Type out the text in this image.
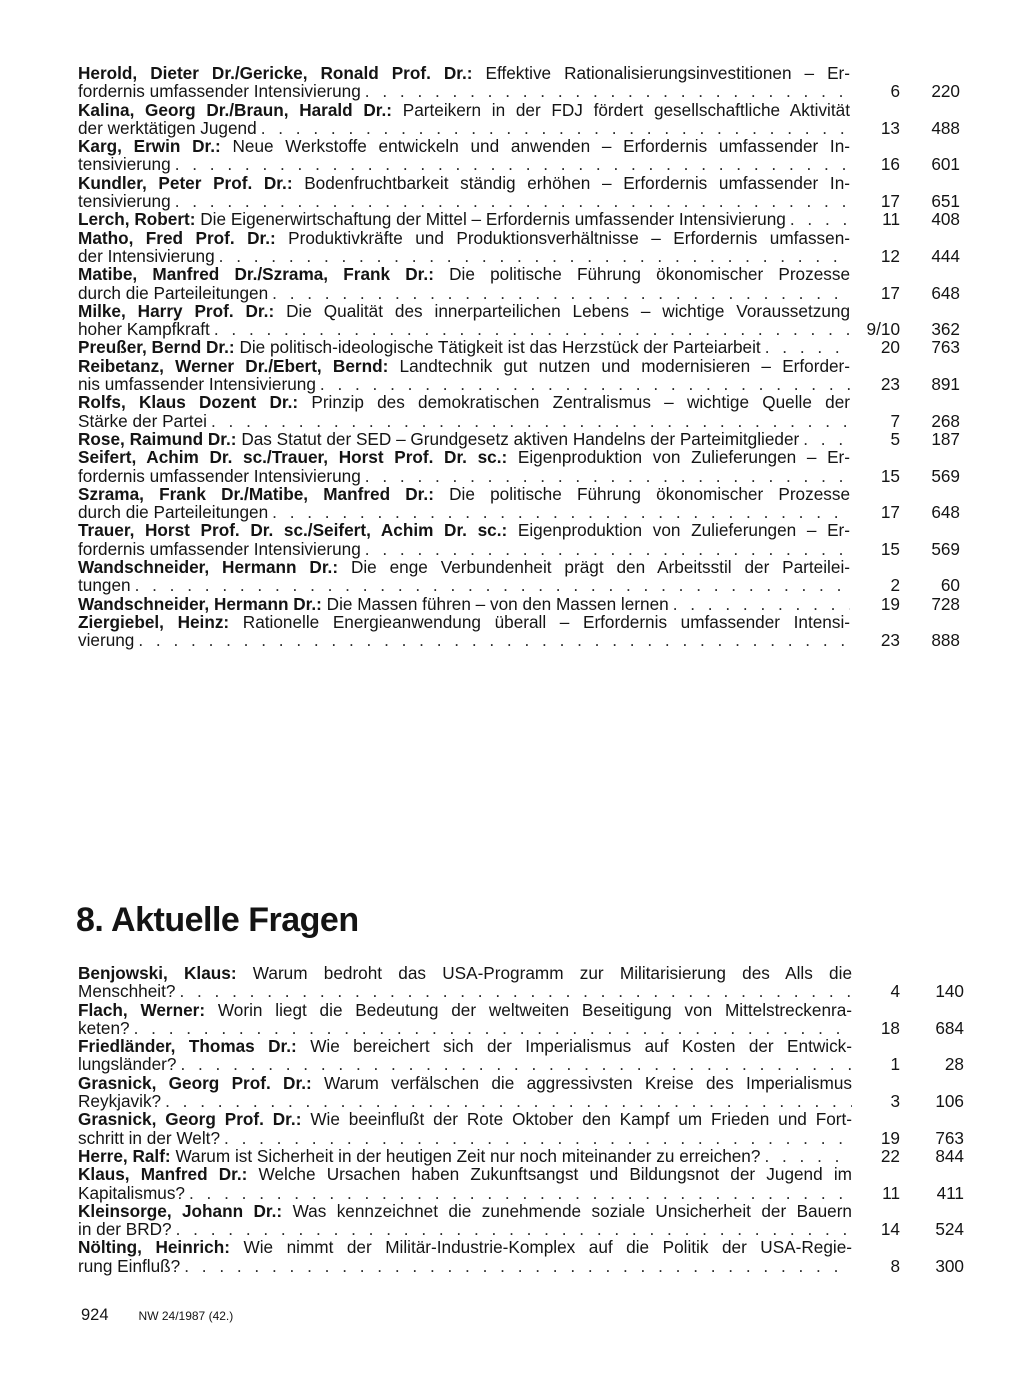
Herold, Dieter Dr./Gericke, Ronald Prof. Dr.: Effektive Rationalisierungsinvestitionen – Er-
fordernis umfassender Intensivierung . . .	6	220
Kalina, Georg Dr./Braun, Harald Dr.: Parteikern in der FDJ fördert gesellschaftliche Aktivität
der werktätigen Jugend . . .	13	488
Karg, Erwin Dr.: Neue Werkstoffe entwickeln und anwenden – Erfordernis umfassender In-
tensivierung . . .	16	601
Kundler, Peter Prof. Dr.: Bodenfruchtbarkeit ständig erhöhen – Erfordernis umfassender In-
tensivierung . . .	17	651
Lerch, Robert: Die Eigenerwirtschaftung der Mittel – Erfordernis umfassender Intensivierung . . .	11	408
Matho, Fred Prof. Dr.: Produktivkräfte und Produktionsverhältnisse – Erfordernis umfassen-
der Intensivierung . . .	12	444
Matibe, Manfred Dr./Szrama, Frank Dr.: Die politische Führung ökonomischer Prozesse
durch die Parteileitungen . . .	17	648
Milke, Harry Prof. Dr.: Die Qualität des innerparteilichen Lebens – wichtige Voraussetzung
hoher Kampfkraft . . .	9/10	362
Preußer, Bernd Dr.: Die politisch-ideologische Tätigkeit ist das Herzstück der Parteiarbeit . . .	20	763
Reibetanz, Werner Dr./Ebert, Bernd: Landtechnik gut nutzen und modernisieren – Erforder-
nis umfassender Intensivierung . . .	23	891
Rolfs, Klaus Dozent Dr.: Prinzip des demokratischen Zentralismus – wichtige Quelle der
Stärke der Partei . . .	7	268
Rose, Raimund Dr.: Das Statut der SED – Grundgesetz aktiven Handelns der Parteimitglieder . . .	5	187
Seifert, Achim Dr. sc./Trauer, Horst Prof. Dr. sc.: Eigenproduktion von Zulieferungen – Er-
fordernis umfassender Intensivierung . . .	15	569
Szrama, Frank Dr./Matibe, Manfred Dr.: Die politische Führung ökonomischer Prozesse
durch die Parteileitungen . . .	17	648
Trauer, Horst Prof. Dr. sc./Seifert, Achim Dr. sc.: Eigenproduktion von Zulieferungen – Er-
fordernis umfassender Intensivierung . . .	15	569
Wandschneider, Hermann Dr.: Die enge Verbundenheit prägt den Arbeitsstil der Parteilei-
tungen . . .	2	60
Wandschneider, Hermann Dr.: Die Massen führen – von den Massen lernen . . .	19	728
Ziergiebel, Heinz: Rationelle Energieanwendung überall – Erfordernis umfassender Intensi-
vierung . . .	23	888
8. Aktuelle Fragen
Benjowski, Klaus: Warum bedroht das USA-Programm zur Militarisierung des Alls die
Menschheit? . . .	4	140
Flach, Werner: Worin liegt die Bedeutung der weltweiten Beseitigung von Mittelstreckenra-
keten? . . .	18	684
Friedländer, Thomas Dr.: Wie bereichert sich der Imperialismus auf Kosten der Entwick-
lungsländer? . . .	1	28
Grasnick, Georg Prof. Dr.: Warum verfälschen die aggressivsten Kreise des Imperialismus
Reykjavik? . . .	3	106
Grasnick, Georg Prof. Dr.: Wie beeinflußt der Rote Oktober den Kampf um Frieden und Fort-
schritt in der Welt? . . .	19	763
Herre, Ralf: Warum ist Sicherheit in der heutigen Zeit nur noch miteinander zu erreichen? . . .	22	844
Klaus, Manfred Dr.: Welche Ursachen haben Zukunftsangst und Bildungsnot der Jugend im
Kapitalismus? . . .	11	411
Kleinsorge, Johann Dr.: Was kennzeichnet die zunehmende soziale Unsicherheit der Bauern
in der BRD? . . .	14	524
Nölting, Heinrich: Wie nimmt der Militär-Industrie-Komplex auf die Politik der USA-Regie-
rung Einfluß? . . .	8	300
924	NW 24/1987 (42.)
